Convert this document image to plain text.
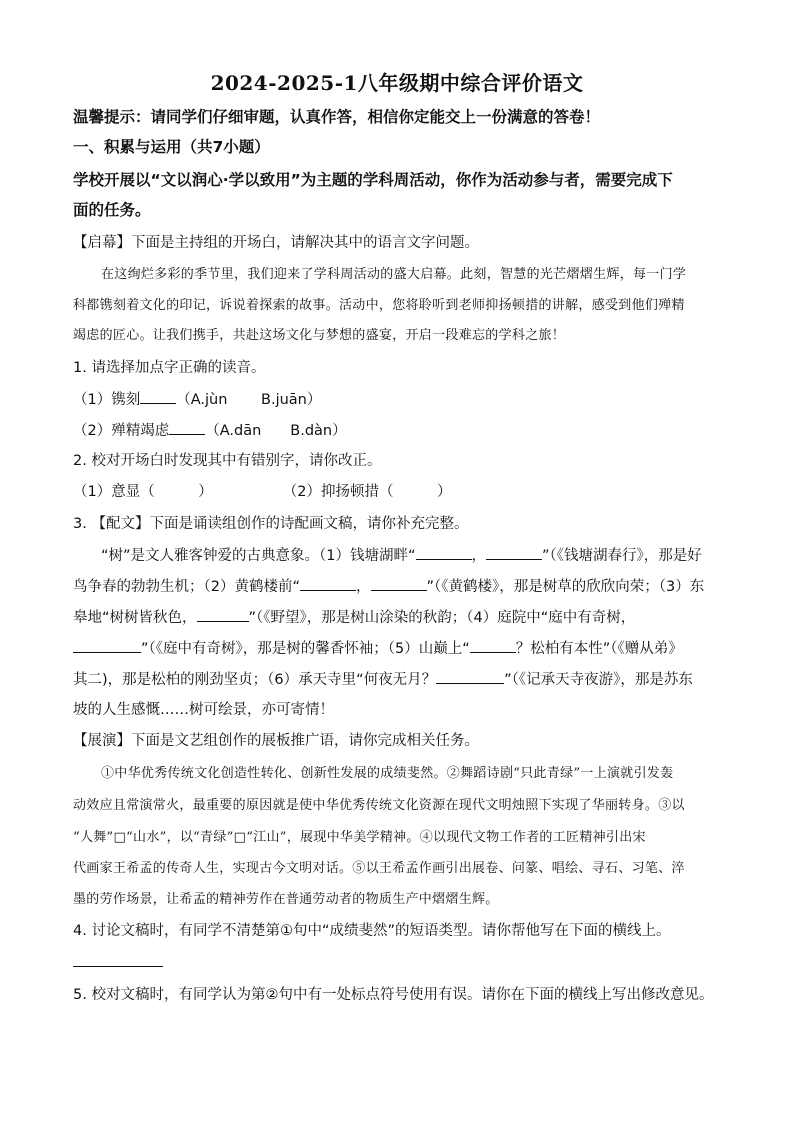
2024-2025-1八年级期中综合评价语文
温馨提示：请同学们仔细审题，认真作答，相信你定能交上一份满意的答卷！
一、积累与运用（共7小题）
学校开展以“文以润心·学以致用”为主题的学科周活动，你作为活动参与者，需要完成下
面的任务。
【启幕】下面是主持组的开场白，请解决其中的语言文字问题。
在这绚烂多彩的季节里，我们迎来了学科周活动的盛大启幕。此刻，智慧的光芒熠熠生辉，每一门学
科都镌刻着文化的印记，诉说着探索的故事。活动中，您将聆听到老师抑扬顿措的讲解，感受到他们殚精
竭虑的匠心。让我们携手，共赴这场文化与梦想的盛宴，开启一段难忘的学科之旅！
1. 请选择加点字正确的读音。
（1）镌刻 （A.jùn　　 B.juān）
（2）殚精竭虑 （A.dān　　B.dàn）
2. 校对开场白时发现其中有错别字，请你改正。
（1）意显（　　　）	（2）抑扬顿措（　　　）
3. 【配文】下面是诵读组创作的诗配画文稿，请你补充完整。
“树”是文人雅客钟爱的古典意象。（1）钱塘湖畔“	，	”（《钱塘湖春行》，那是好
鸟争春的勃勃生机；（2）黄鹤楼前“	，	”（《黄鹤楼》，那是树草的欣欣向荣；（3）东
皋地“树树皆秋色，	”（《野望》，那是树山涂染的秋韵；（4）庭院中“庭中有奇树，
”（《庭中有奇树》，那是树的馨香怀袖；（5）山巅上“	？松柏有本性”（《赠从弟》
其二)，那是松柏的刚劲坚贞；（6）承天寺里“何夜无月？	”（《记承天寺夜游》，那是苏东
坡的人生感慨……树可绘景，亦可寄情！
【展演】下面是文艺组创作的展板推广语，请你完成相关任务。
①中华优秀传统文化创造性转化、创新性发展的成绩斐然。②舞蹈诗剧“只此青绿”一上演就引发轰
动效应且常演常火，最重要的原因就是使中华优秀传统文化资源在现代文明烛照下实现了华丽转身。③以
“人舞”□“山水”，以“青绿”□“江山”，展现中华美学精神。④以现代文物工作者的工匠精神引出宋
代画家王希孟的传奇人生，实现古今文明对话。⑤以王希孟作画引出展卷、问篆、唱绘、寻石、习笔、淬
墨的劳作场景，让希孟的精神劳作在普通劳动者的物质生产中熠熠生辉。
4. 讨论文稿时，有同学不清楚第①句中“成绩斐然”的短语类型。请你帮他写在下面的横线上。
5. 校对文稿时，有同学认为第②句中有一处标点符号使用有误。请你在下面的横线上写出修改意见。
